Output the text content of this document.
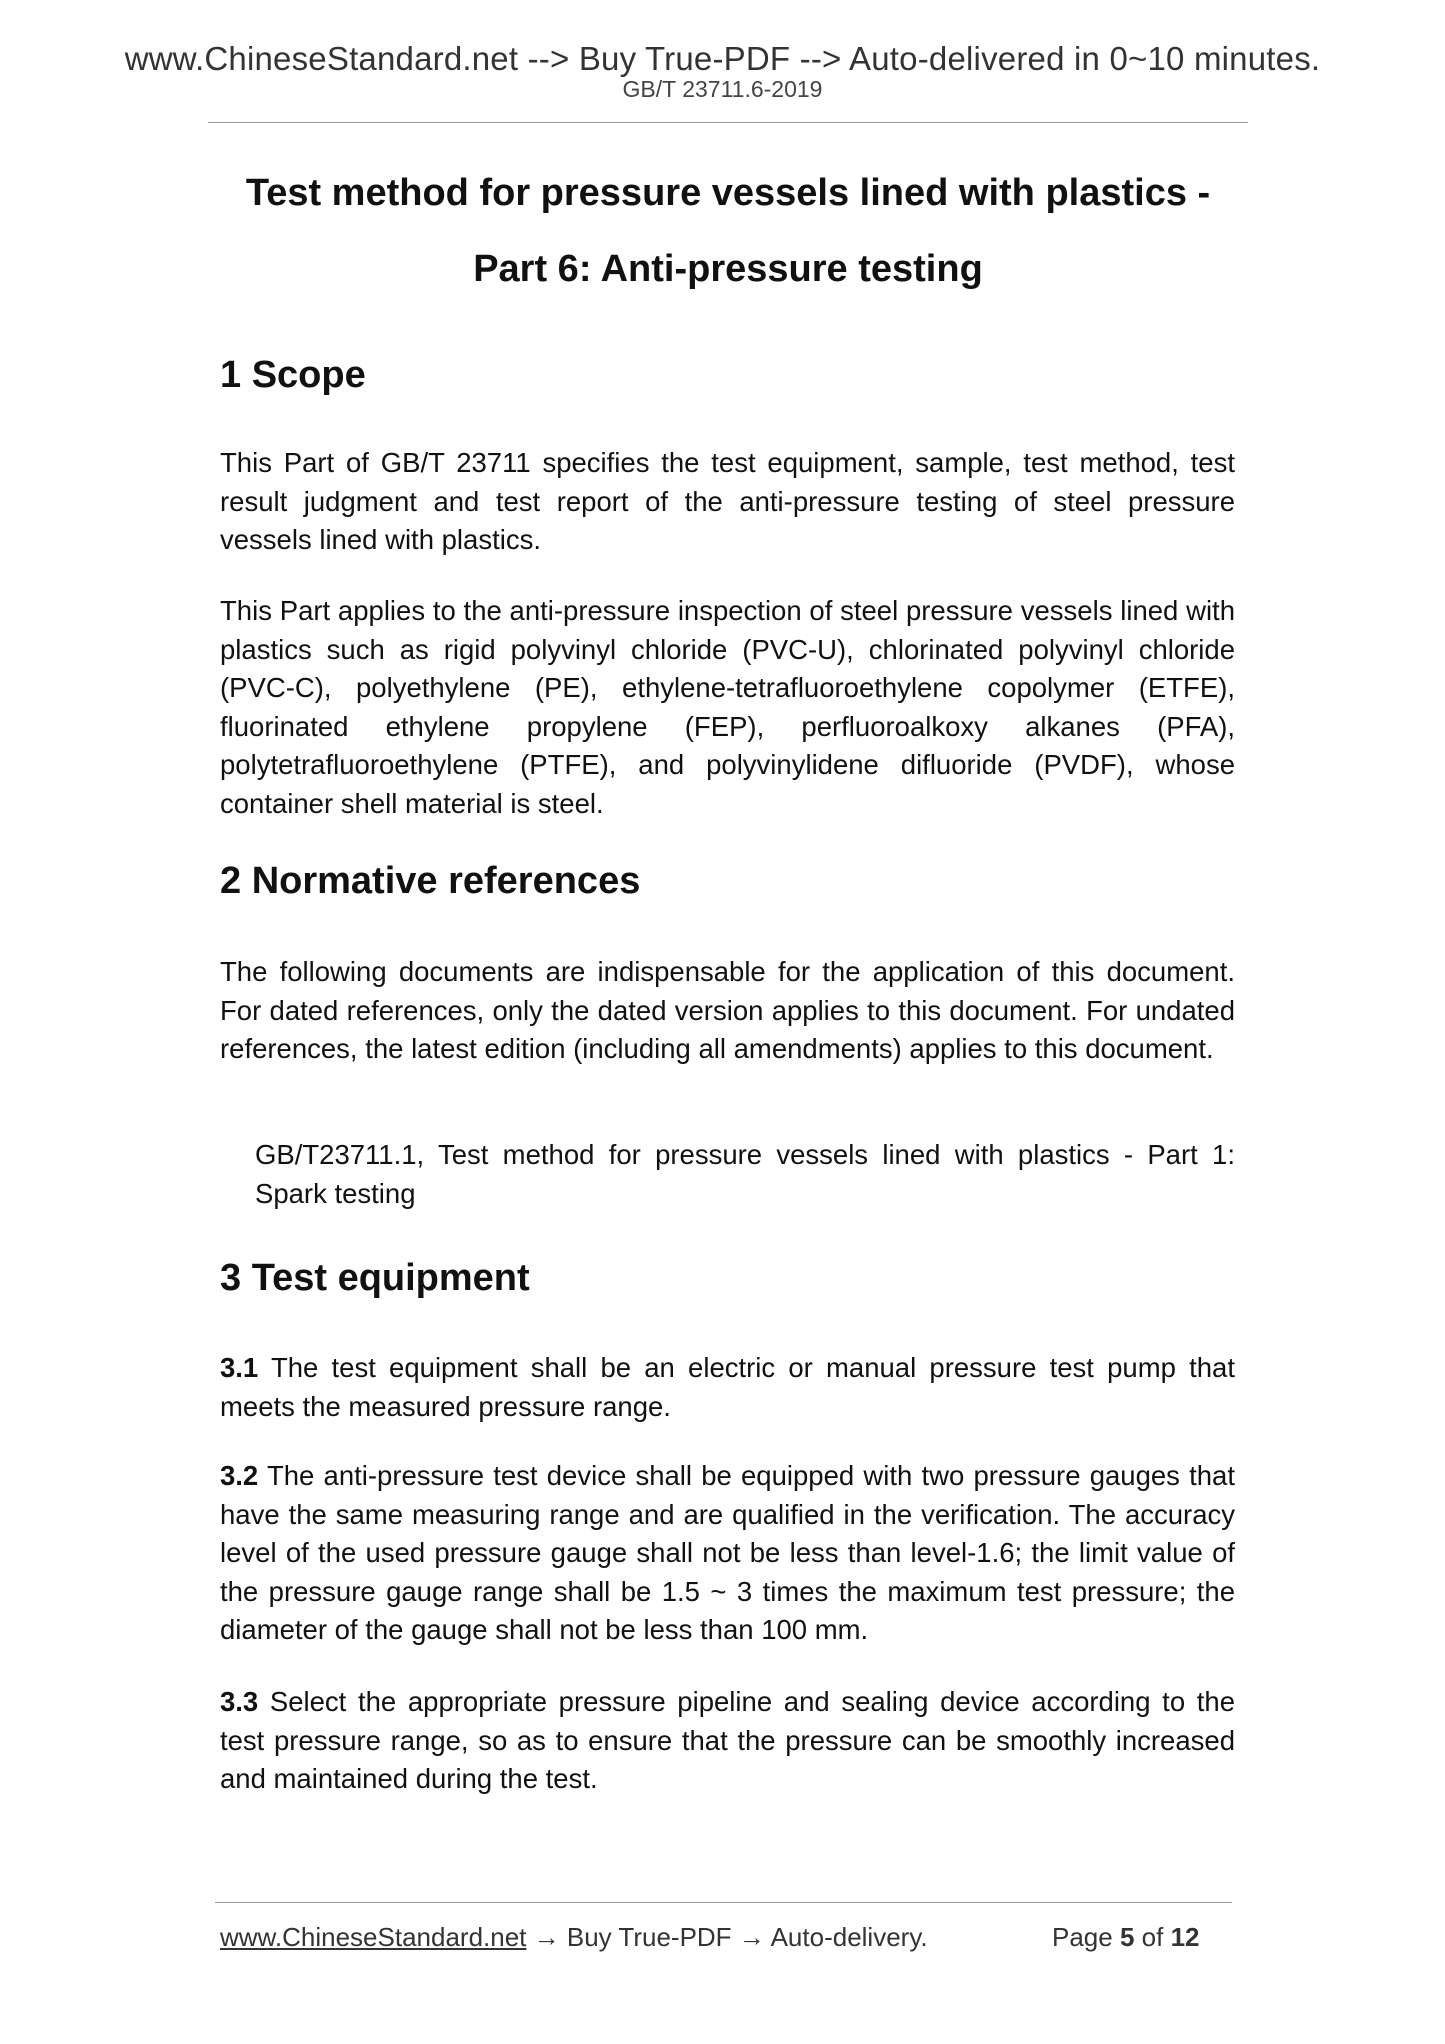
www.ChineseStandard.net --> Buy True-PDF --> Auto-delivered in 0~10 minutes.
GB/T 23711.6-2019
Test method for pressure vessels lined with plastics -
Part 6: Anti-pressure testing
1 Scope

This Part of GB/T 23711 specifies the test equipment, sample, test method, test result judgment and test report of the anti-pressure testing of steel pressure vessels lined with plastics.

This Part applies to the anti-pressure inspection of steel pressure vessels lined with plastics such as rigid polyvinyl chloride (PVC-U), chlorinated polyvinyl chloride (PVC-C), polyethylene (PE), ethylene-tetrafluoroethylene copolymer (ETFE), fluorinated ethylene propylene (FEP), perfluoroalkoxy alkanes (PFA), polytetrafluoroethylene (PTFE), and polyvinylidene difluoride (PVDF), whose container shell material is steel.

2 Normative references

The following documents are indispensable for the application of this document. For dated references, only the dated version applies to this document. For undated references, the latest edition (including all amendments) applies to this document.

GB/T23711.1, Test method for pressure vessels lined with plastics - Part 1: Spark testing

3 Test equipment

3.1 The test equipment shall be an electric or manual pressure test pump that meets the measured pressure range.

3.2 The anti-pressure test device shall be equipped with two pressure gauges that have the same measuring range and are qualified in the verification. The accuracy level of the used pressure gauge shall not be less than level-1.6; the limit value of the pressure gauge range shall be 1.5 ~ 3 times the maximum test pressure; the diameter of the gauge shall not be less than 100 mm.

3.3 Select the appropriate pressure pipeline and sealing device according to the test pressure range, so as to ensure that the pressure can be smoothly increased and maintained during the test.

www.ChineseStandard.net → Buy True-PDF → Auto-delivery.	Page 5 of 12
